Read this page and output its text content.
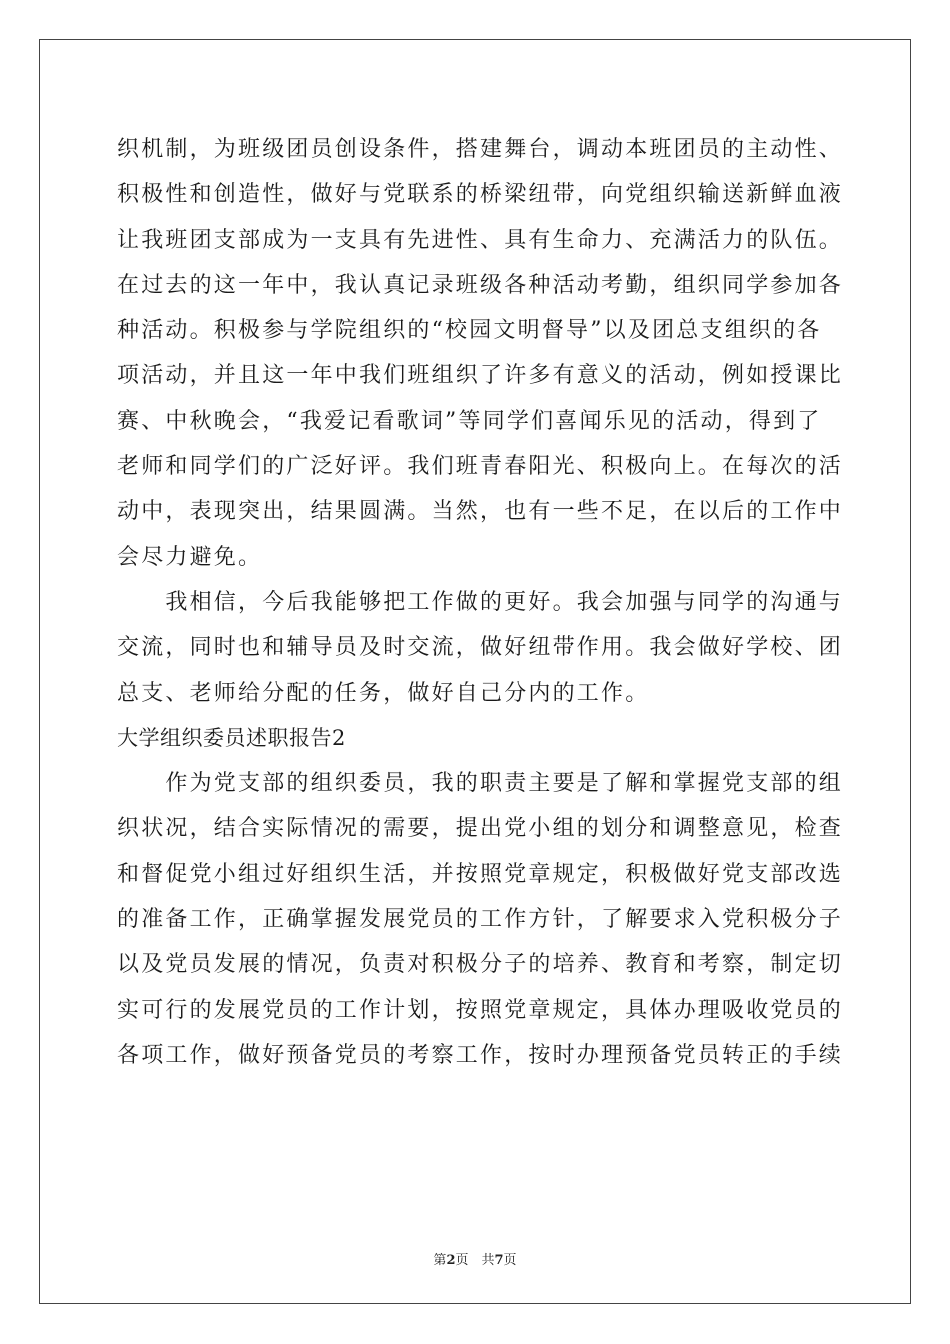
织机制，为班级团员创设条件，搭建舞台，调动本班团员的主动性、
积极性和创造性，做好与党联系的桥梁纽带，向党组织输送新鲜血液
让我班团支部成为一支具有先进性、具有生命力、充满活力的队伍。
在过去的这一年中，我认真记录班级各种活动考勤，组织同学参加各
种活动。积极参与学院组织的“校园文明督导”以及团总支组织的各
项活动，并且这一年中我们班组织了许多有意义的活动，例如授课比
赛、中秋晚会，“我爱记看歌词”等同学们喜闻乐见的活动，得到了
老师和同学们的广泛好评。我们班青春阳光、积极向上。在每次的活
动中，表现突出，结果圆满。当然，也有一些不足，在以后的工作中
会尽力避免。
　　我相信，今后我能够把工作做的更好。我会加强与同学的沟通与
交流，同时也和辅导员及时交流，做好纽带作用。我会做好学校、团
总支、老师给分配的任务，做好自己分内的工作。
大学组织委员述职报告2
　　作为党支部的组织委员，我的职责主要是了解和掌握党支部的组
织状况，结合实际情况的需要，提出党小组的划分和调整意见，检查
和督促党小组过好组织生活，并按照党章规定，积极做好党支部改选
的准备工作，正确掌握发展党员的工作方针，了解要求入党积极分子
以及党员发展的情况，负责对积极分子的培养、教育和考察，制定切
实可行的发展党员的工作计划，按照党章规定，具体办理吸收党员的
各项工作，做好预备党员的考察工作，按时办理预备党员转正的手续
第2页　共7页
